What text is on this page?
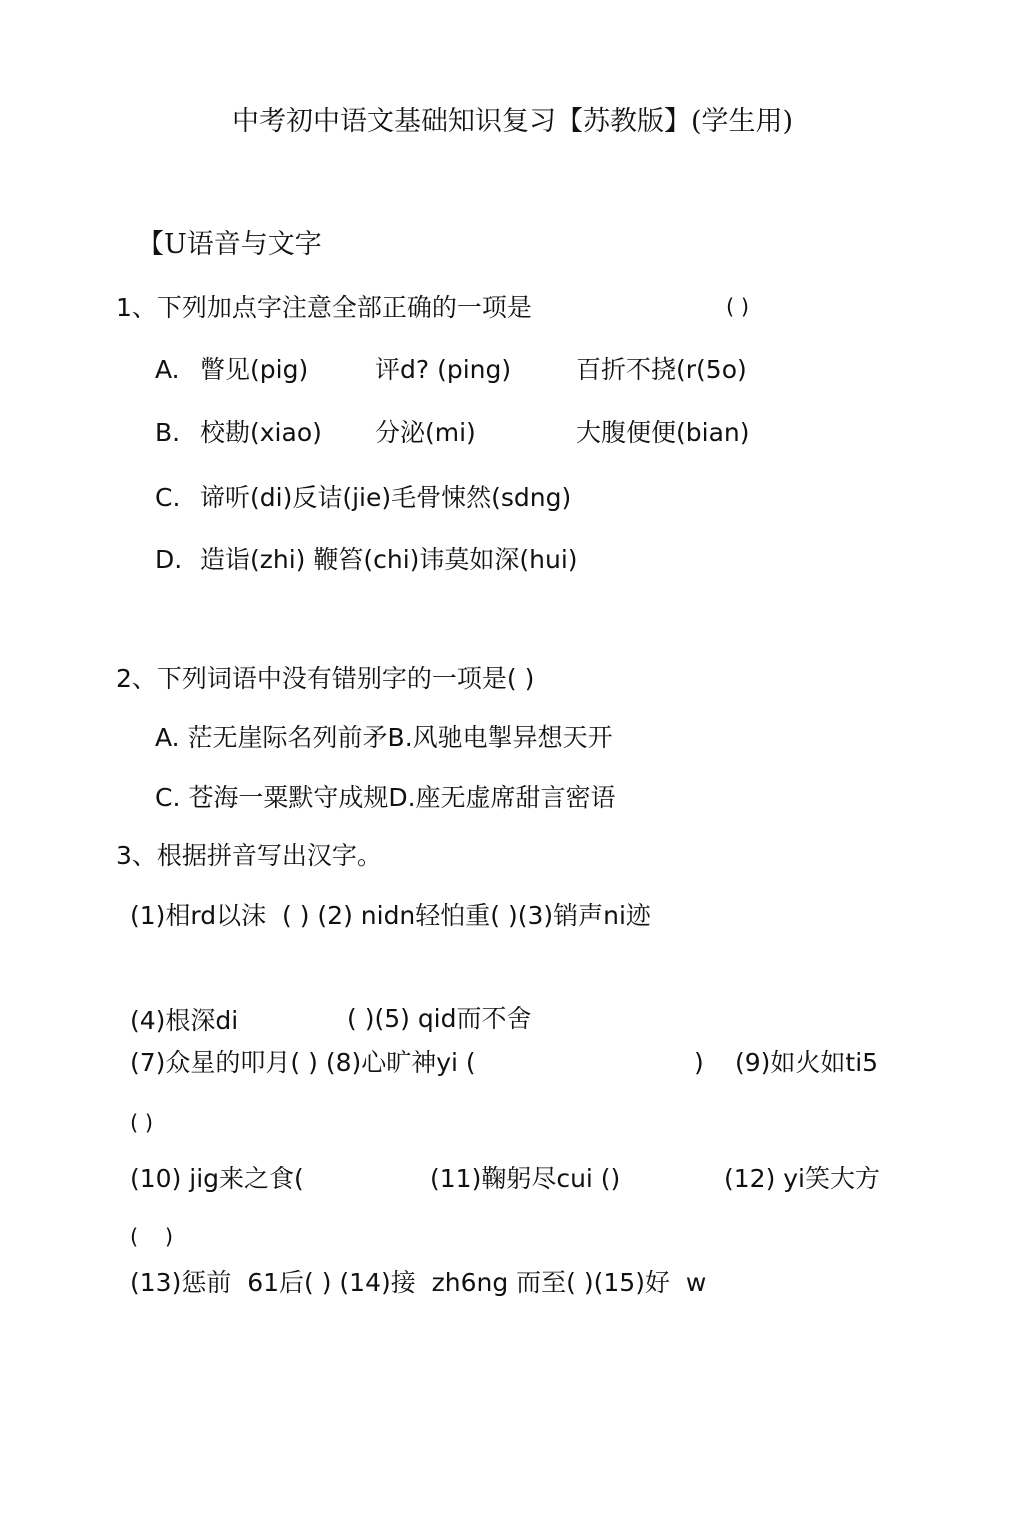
中考初中语文基础知识复习【苏教版】(学生用)
【U语音与文字
1、下列加点字注意全部正确的一项是	( )
A. 瞥见(pig)	评d? (ping)	百折不挠(r(5o)
B. 校勘(xiao) 分泌(mi)	大腹便便(bian)
C. 谛听(di)反诘(jie)毛骨悚然(sdng)
D. 造诣(zhi) 鞭笞(chi)讳莫如深(hui)
2、下列词语中没有错别字的一项是( )
A. 茫无崖际名列前矛B.风驰电掣异想天开
C. 苍海一粟默守成规D.座无虚席甜言密语
3、根据拼音写出汉字。
(1)相rd以沫  ( ) (2) nidn轻怕重( )(3)销声ni迹
(4)根深di	( )(5) qid而不舍
(7)众星的叩月( ) (8)心旷神yi (	) (9)如火如ti5
( )
(10) jig来之食(	(11)鞠躬尽cui ()	(12) yi笑大方
(    )
(13)惩前  61后( ) (14)接  zh6ng 而至( )(15)好  w
